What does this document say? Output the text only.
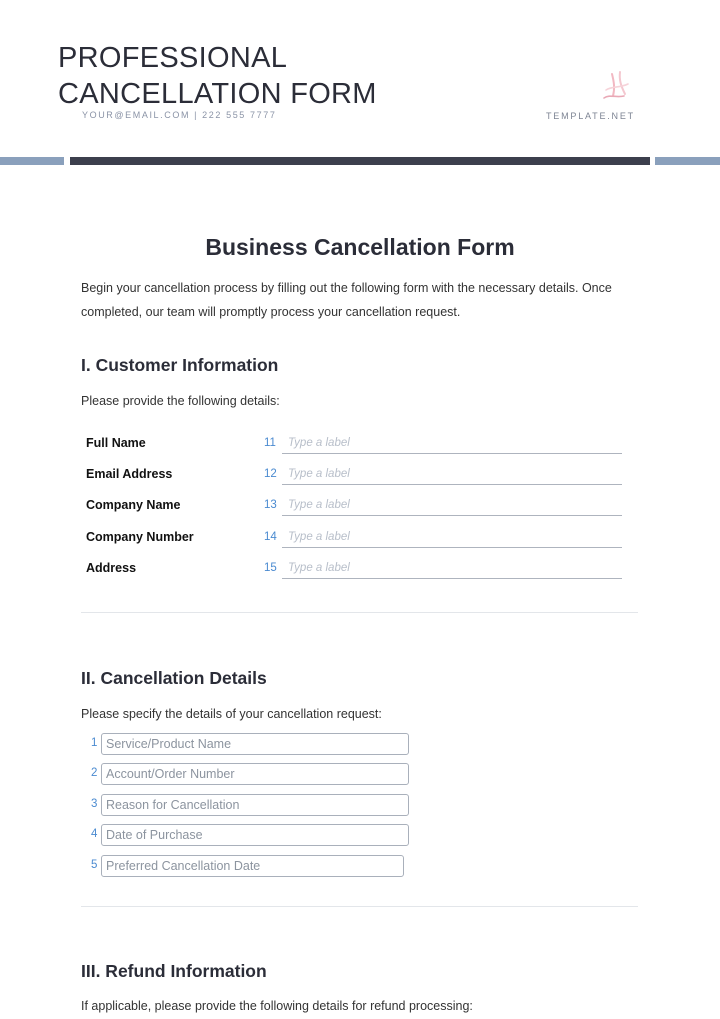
PROFESSIONAL
CANCELLATION FORM
YOUR@EMAIL.COM | 222 555 7777	TEMPLATE.NET
Business Cancellation Form
Begin your cancellation process by filling out the following form with the necessary details. Once completed, our team will promptly process your cancellation request.
I. Customer Information
Please provide the following details:
Full Name	11 Type a label
Email Address	12 Type a label
Company Name	13 Type a label
Company Number	14 Type a label
Address	15 Type a label
II. Cancellation Details
Please specify the details of your cancellation request:
1 Service/Product Name
2 Account/Order Number
3 Reason for Cancellation
4 Date of Purchase
5 Preferred Cancellation Date
III. Refund Information
If applicable, please provide the following details for refund processing:
